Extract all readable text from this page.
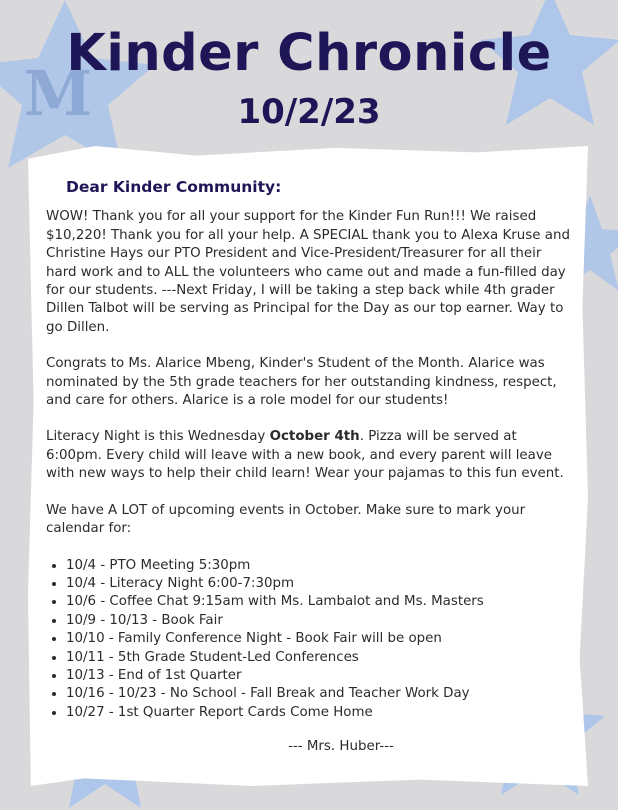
M
Kinder Chronicle
10/2/23
Dear Kinder Community:

WOW! Thank you for all your support for the Kinder Fun Run!!! We raised $10,220! Thank you for all your help. A SPECIAL thank you to Alexa Kruse and Christine Hays our PTO President and Vice-President/Treasurer for all their hard work and to ALL the volunteers who came out and made a fun-filled day for our students. ---Next Friday, I will be taking a step back while 4th grader Dillen Talbot will be serving as Principal for the Day as our top earner. Way to go Dillen.

Congrats to Ms. Alarice Mbeng, Kinder's Student of the Month. Alarice was nominated by the 5th grade teachers for her outstanding kindness, respect, and care for others. Alarice is a role model for our students!

Literacy Night is this Wednesday October 4th. Pizza will be served at 6:00pm. Every child will leave with a new book, and every parent will leave with new ways to help their child learn! Wear your pajamas to this fun event.

We have A LOT of upcoming events in October. Make sure to mark your calendar for:

• 10/4 - PTO Meeting 5:30pm
• 10/4 - Literacy Night 6:00-7:30pm
• 10/6 - Coffee Chat 9:15am with Ms. Lambalot and Ms. Masters
• 10/9 - 10/13 - Book Fair
• 10/10 - Family Conference Night - Book Fair will be open
• 10/11 - 5th Grade Student-Led Conferences
• 10/13 - End of 1st Quarter
• 10/16 - 10/23 - No School - Fall Break and Teacher Work Day
• 10/27 - 1st Quarter Report Cards Come Home
--- Mrs. Huber---
